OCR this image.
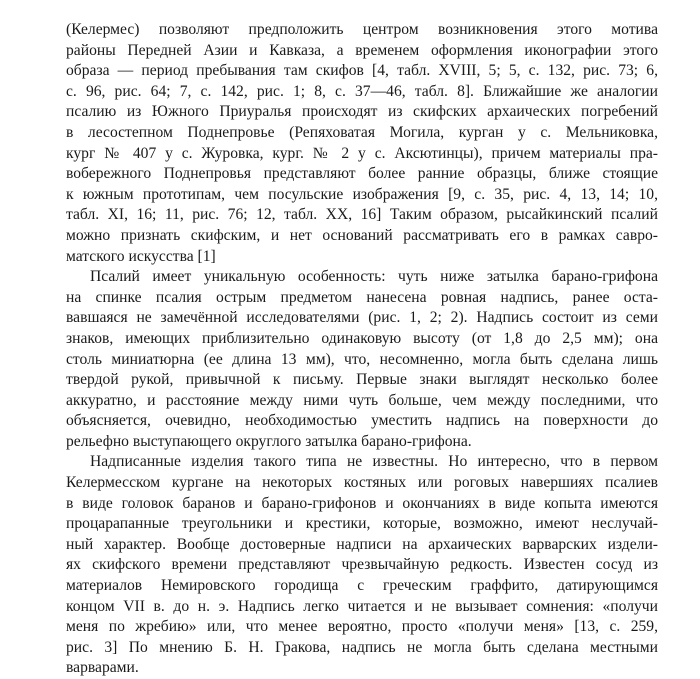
(Келермес) позволяют предположить центром возникновения этого мотива
районы Передней Азии и Кавказа, а временем оформления иконографии этого
образа — период пребывания там скифов [4, табл. XVIII, 5; 5, с. 132, рис. 73; 6,
с. 96, рис. 64; 7, с. 142, рис. 1; 8, с. 37—46, табл. 8]. Ближайшие же аналогии
псалию из Южного Приуралья происходят из скифских архаических погребений
в лесостепном Поднепровье (Репяховатая Могила, курган у с. Мельниковка,
кург № 407 у с. Журовка, кург. № 2 у с. Аксютинцы), причем материалы пра-
вобережного Поднепровья представляют более ранние образцы, ближе стоящие
к южным прототипам, чем посульские изображения [9, с. 35, рис. 4, 13, 14; 10,
табл. XI, 16; 11, рис. 76; 12, табл. XX, 16] Таким образом, рысайкинский псалий
можно признать скифским, и нет оснований рассматривать его в рамках савро-
матского искусства [1]
Псалий имеет уникальную особенность: чуть ниже затылка барано-грифона
на спинке псалия острым предметом нанесена ровная надпись, ранее оста-
вавшаяся не замечённой исследователями (рис. 1, 2; 2). Надпись состоит из семи
знаков, имеющих приблизительно одинаковую высоту (от 1,8 до 2,5 мм); она
столь миниатюрна (ее длина 13 мм), что, несомненно, могла быть сделана лишь
твердой рукой, привычной к письму. Первые знаки выглядят несколько более
аккуратно, и расстояние между ними чуть больше, чем между последними, что
объясняется, очевидно, необходимостью уместить надпись на поверхности до
рельефно выступающего округлого затылка барано-грифона.
Надписанные изделия такого типа не известны. Но интересно, что в первом
Келермесском кургане на некоторых костяных или роговых навершиях псалиев
в виде головок баранов и барано-грифонов и окончаниях в виде копыта имеются
процарапанные треугольники и крестики, которые, возможно, имеют неслучай-
ный характер. Вообще достоверные надписи на архаических варварских издели-
ях скифского времени представляют чрезвычайную редкость. Известен сосуд из
материалов Немировского городища с греческим граффито, датирующимся
концом VII в. до н. э. Надпись легко читается и не вызывает сомнения: «получи
меня по жребию» или, что менее вероятно, просто «получи меня» [13, с. 259,
рис. 3] По мнению Б. Н. Гракова, надпись не могла быть сделана местными
варварами.
